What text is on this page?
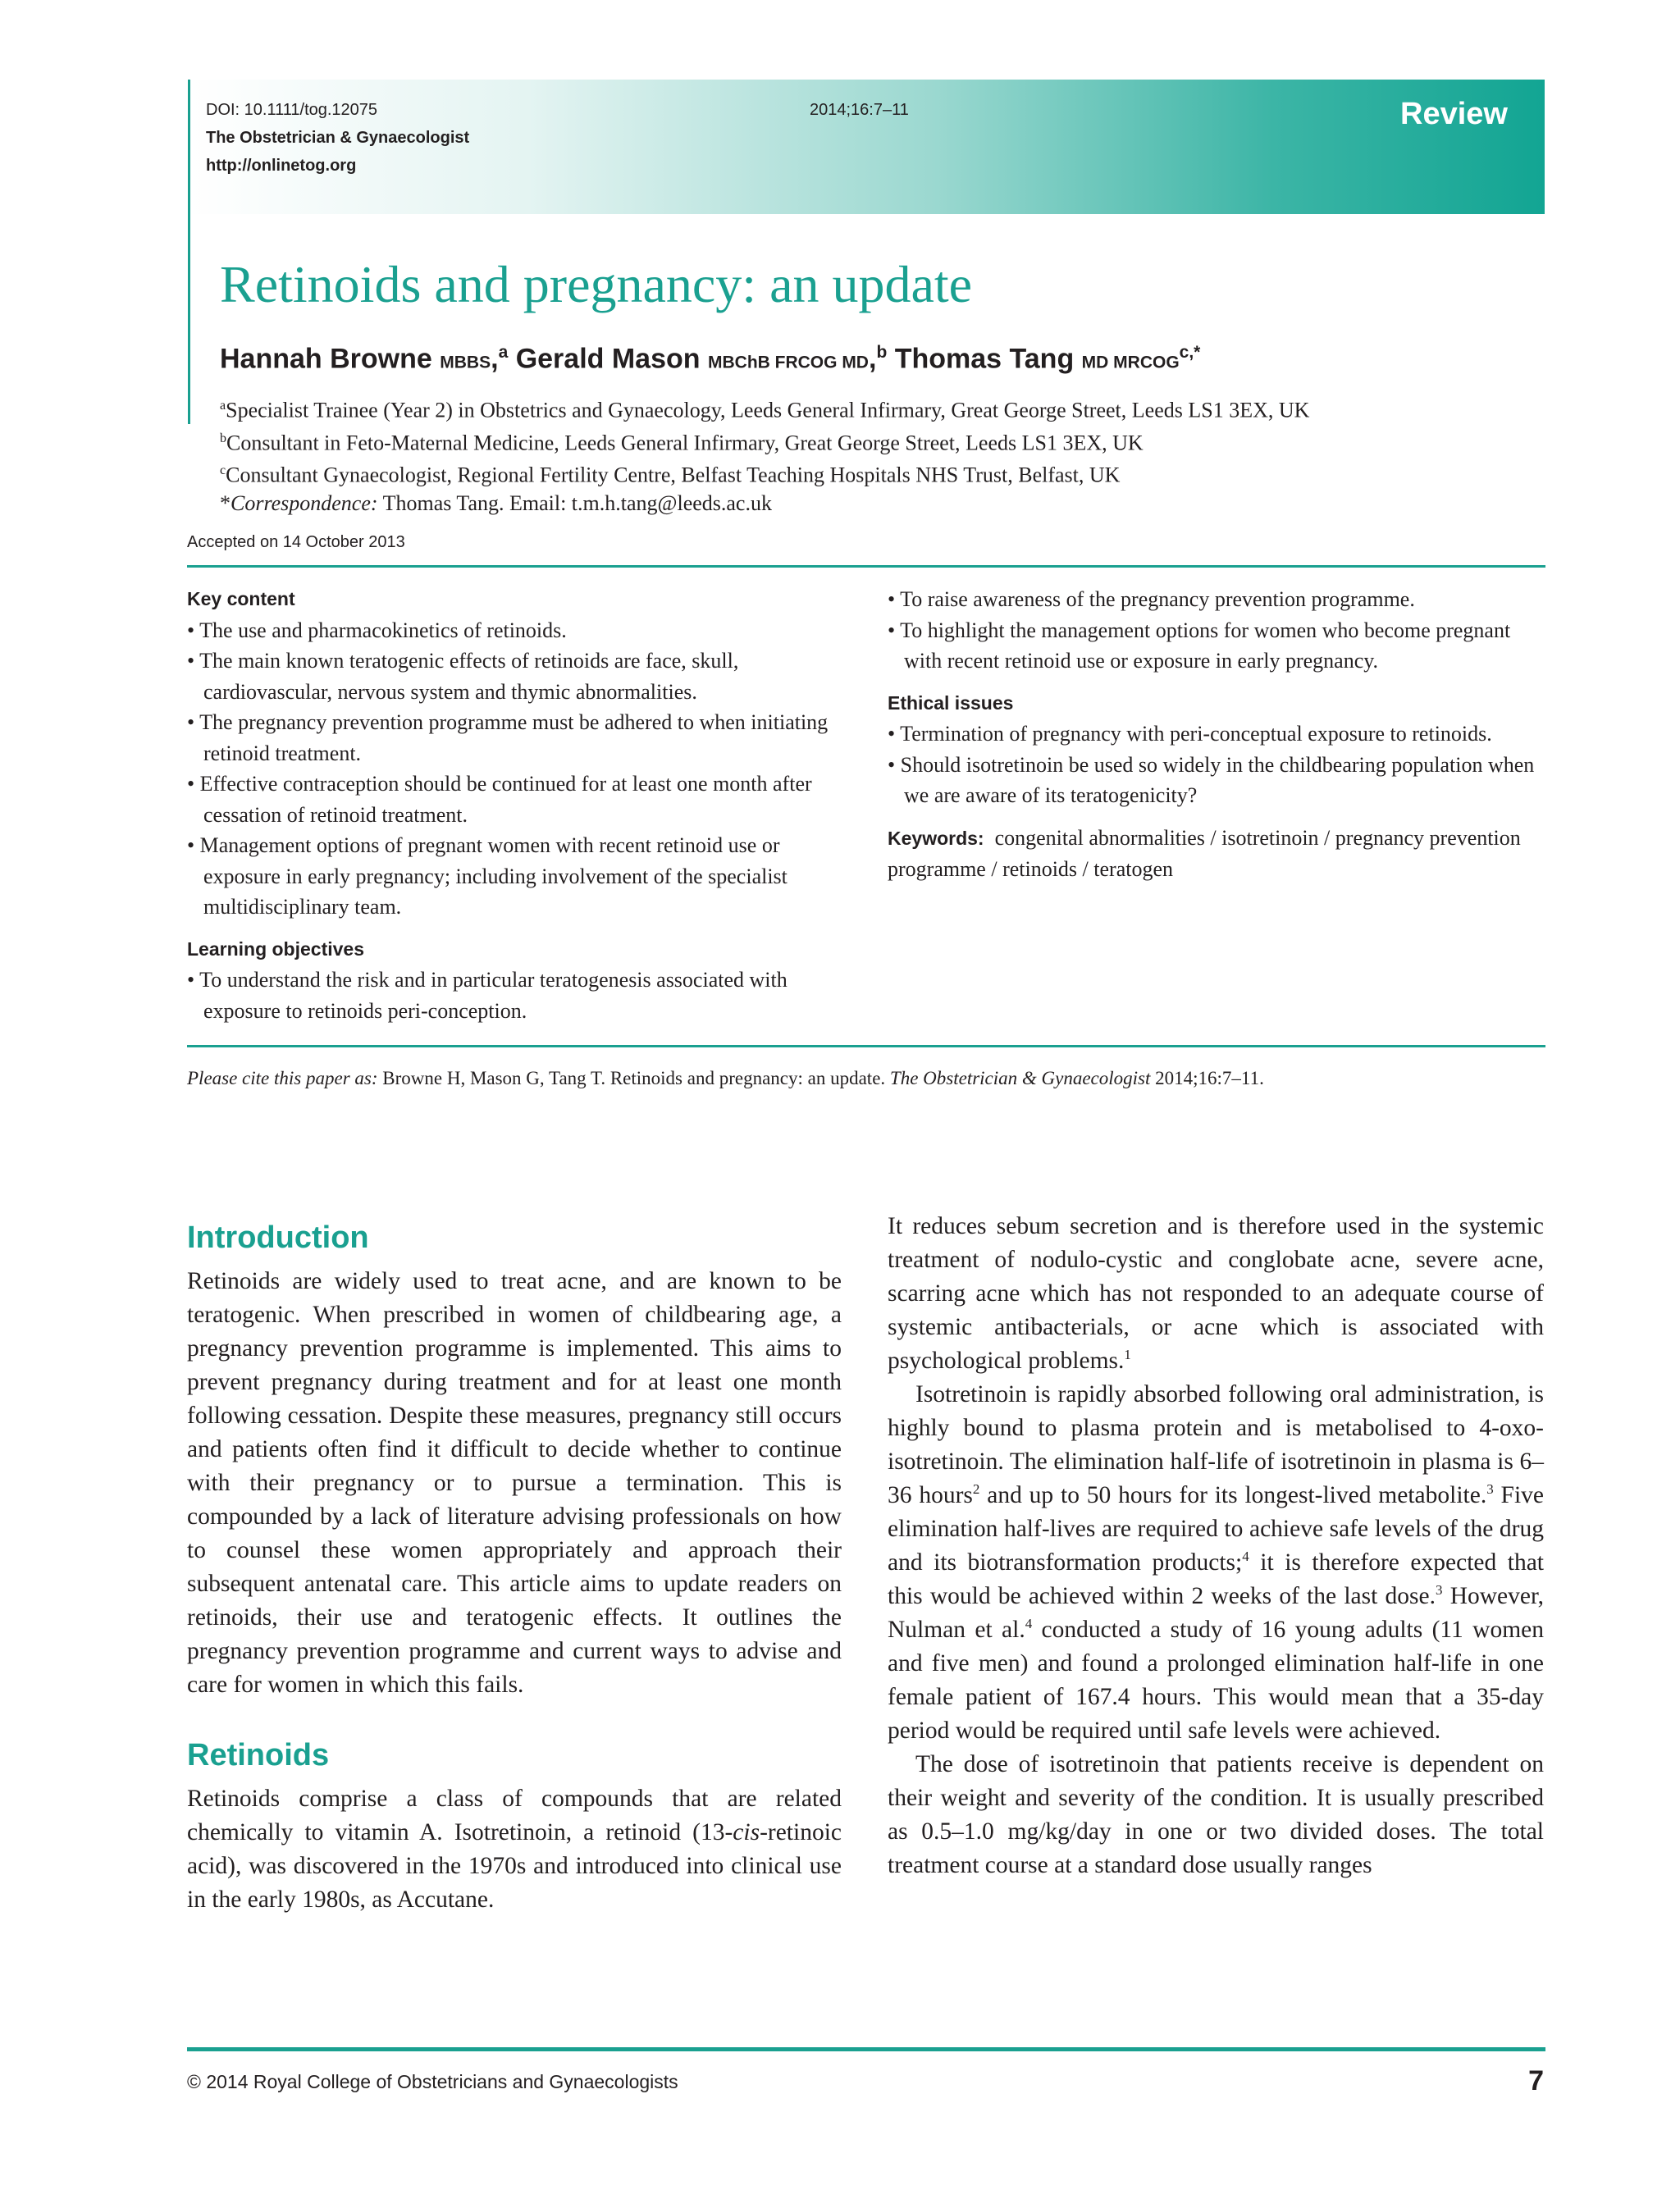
DOI: 10.1111/tog.12075
The Obstetrician & Gynaecologist
http://onlinetog.org
2014;16:7–11	Review
Retinoids and pregnancy: an update
Hannah Browne MBBS,$^a$ Gerald Mason MBChB FRCOG MD,$^b$ Thomas Tang MD $MRCOG^{c,*}$
$^a$Specialist Trainee (Year 2) in Obstetrics and Gynaecology, Leeds General Infirmary, Great George Street, Leeds LS1 3EX, UK
$^b$Consultant in Feto-Maternal Medicine, Leeds General Infirmary, Great George Street, Leeds LS1 3EX, UK
$^c$Consultant Gynaecologist, Regional Fertility Centre, Belfast Teaching Hospitals NHS Trust, Belfast, UK
*Correspondence: Thomas Tang. Email: t.m.h.tang@leeds.ac.uk
Accepted on 14 October 2013
Key content
• The use and pharmacokinetics of retinoids.
• The main known teratogenic effects of retinoids are face, skull, cardiovascular, nervous system and thymic abnormalities.
• The pregnancy prevention programme must be adhered to when initiating retinoid treatment.
• Effective contraception should be continued for at least one month after cessation of retinoid treatment.
• Management options of pregnant women with recent retinoid use or exposure in early pregnancy; including involvement of the specialist multidisciplinary team.
Learning objectives
• To understand the risk and in particular teratogenesis associated with exposure to retinoids peri-conception.
• To raise awareness of the pregnancy prevention programme.
• To highlight the management options for women who become pregnant with recent retinoid use or exposure in early pregnancy.
Ethical issues
• Termination of pregnancy with peri-conceptual exposure to retinoids.
• Should isotretinoin be used so widely in the childbearing population when we are aware of its teratogenicity?
Keywords: congenital abnormalities / isotretinoin / pregnancy prevention programme / retinoids / teratogen
Please cite this paper as: Browne H, Mason G, Tang T. Retinoids and pregnancy: an update. The Obstetrician & Gynaecologist 2014;16:7–11.
Introduction

Retinoids are widely used to treat acne, and are known to be teratogenic. When prescribed in women of childbearing age, a pregnancy prevention programme is implemented. This aims to prevent pregnancy during treatment and for at least one month following cessation. Despite these measures, pregnancy still occurs and patients often find it difficult to decide whether to continue with their pregnancy or to pursue a termination. This is compounded by a lack of literature advising professionals on how to counsel these women appropriately and approach their subsequent antenatal care. This article aims to update readers on retinoids, their use and teratogenic effects. It outlines the pregnancy prevention programme and current ways to advise and care for women in which this fails.

Retinoids

Retinoids comprise a class of compounds that are related chemically to vitamin A. Isotretinoin, a retinoid (13-cis-retinoic acid), was discovered in the 1970s and introduced into clinical use in the early 1980s, as Accutane.

It reduces sebum secretion and is therefore used in the systemic treatment of nodulo-cystic and conglobate acne, severe acne, scarring acne which has not responded to an adequate course of systemic antibacterials, or acne which is associated with psychological problems.$^1$

Isotretinoin is rapidly absorbed following oral administration, is highly bound to plasma protein and is metabolised to 4-oxo-isotretinoin. The elimination half-life of isotretinoin in plasma is 6–36 hours$^2$ and up to 50 hours for its longest-lived metabolite.$^3$ Five elimination half-lives are required to achieve safe levels of the drug and its biotransformation products;$^4$ it is therefore expected that this would be achieved within 2 weeks of the last dose.$^3$ However, Nulman et al.$^4$ conducted a study of 16 young adults (11 women and five men) and found a prolonged elimination half-life in one female patient of 167.4 hours. This would mean that a 35-day period would be required until safe levels were achieved.

The dose of isotretinoin that patients receive is dependent on their weight and severity of the condition. It is usually prescribed as 0.5–1.0 mg/kg/day in one or two divided doses. The total treatment course at a standard dose usually ranges

© 2014 Royal College of Obstetricians and Gynaecologists	7
